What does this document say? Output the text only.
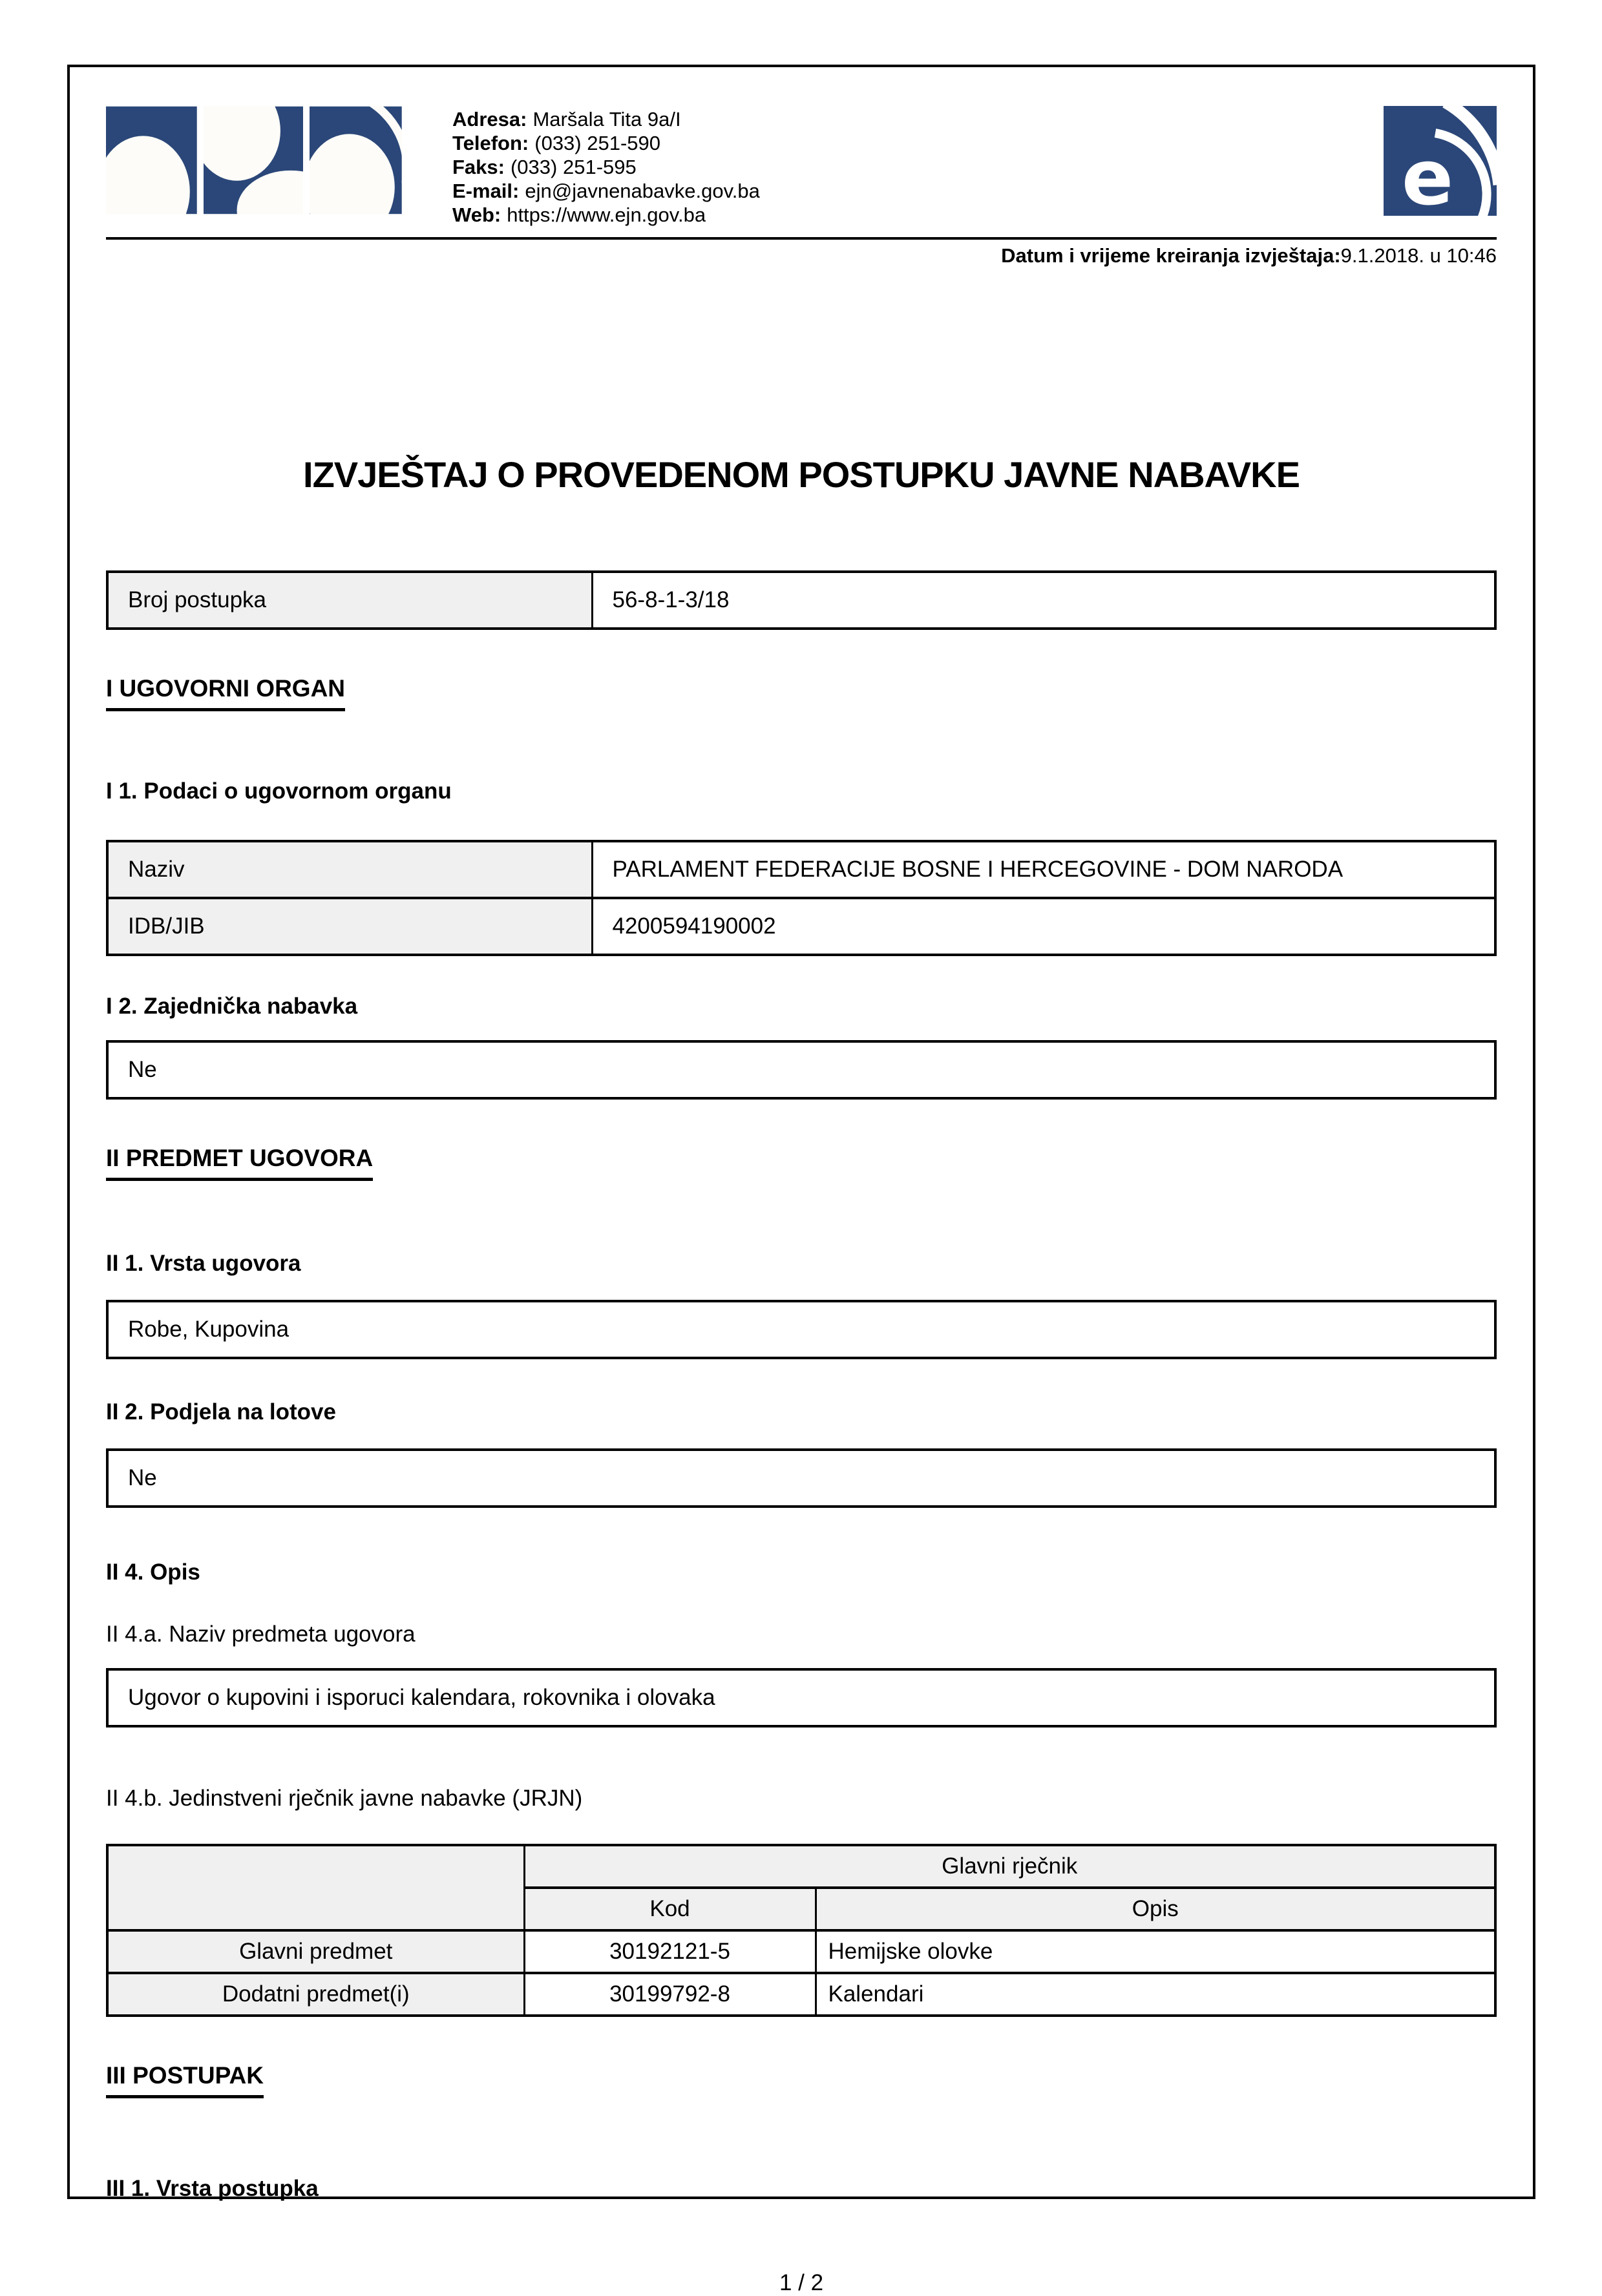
Adresa: Maršala Tita 9a/I
Telefon: (033) 251-590
Faks: (033) 251-595
E-mail: ejn@javnenabavke.gov.ba
Web: https://www.ejn.gov.ba	e
Datum i vrijeme kreiranja izvještaja:9.1.2018. u 10:46
IZVJEŠTAJ O PROVEDENOM POSTUPKU JAVNE NABAVKE
Broj postupka	56-8-1-3/18
I UGOVORNI ORGAN
I 1. Podaci o ugovornom organu
Naziv	PARLAMENT FEDERACIJE BOSNE I HERCEGOVINE - DOM NARODA
IDB/JIB	4200594190002
I 2. Zajednička nabavka
Ne
II PREDMET UGOVORA
II 1. Vrsta ugovora
Robe, Kupovina
II 2. Podjela na lotove
Ne
II 4. Opis
II 4.a. Naziv predmeta ugovora
Ugovor o kupovini i isporuci kalendara, rokovnika i olovaka
II 4.b. Jedinstveni rječnik javne nabavke (JRJN)
	Glavni rječnik	
	Kod	Opis
Glavni predmet	30192121-5	Hemijske olovke
Dodatni predmet(i)	30199792-8	Kalendari
III POSTUPAK
III 1. Vrsta postupka
1 / 2
